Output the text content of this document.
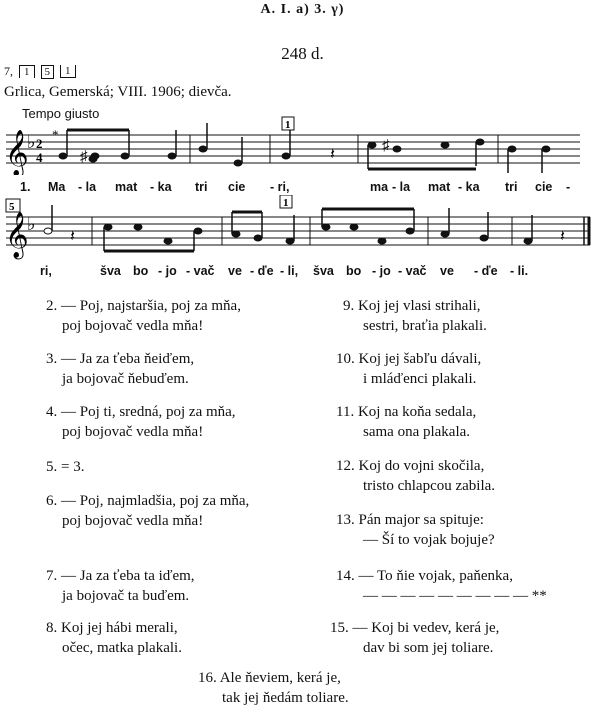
A. I. a) 3. γ)
248 d.
7,	1	5	1
Grlica, Gemerská; VIII. 1906; dievča.
Tempo giusto
𝄞
♭ 2
4
*
♯
♯
𝄽
1
1. Ma - la mat - ka tri cie - ri,	ma - la mat - ka tri cie -
𝄞
♭
𝄽	𝄽
5	1
ri,	šva bo - jo - vač ve - ďe - li, šva bo - jo - vač ve - ďe - li.
2. — Poj, najstaršia, poj za mňa,
poj bojovač vedla mňa!
3. — Ja za ťeba ňeiďem,
ja bojovač ňebuďem.
4. — Poj ti, sredná, poj za mňa,
poj bojovač vedla mňa!
5. = 3.
6. — Poj, najmladšia, poj za mňa,
poj bojovač vedla mňa!
7. — Ja za ťeba ta iďem,
ja bojovač ta buďem.
8. Koj jej hábi merali,
očec, matka plakali.
9. Koj jej vlasi strihali,
sestri, braťia plakali.
10. Koj jej šabľu dávali,
i mláďenci plakali.
11. Koj na koňa sedala,
sama ona plakala.
12. Koj do vojni skočila,
tristo chlapcou zabila.
13. Pán major sa spituje:
— Ší to vojak bojuje?
14. — To ňie vojak, paňenka,
— — — — — — — — — **
15. — Koj bi vedev, kerá je,
dav bi som jej toliare.
16. Ale ňeviem, kerá je,
tak jej ňedám toliare.
